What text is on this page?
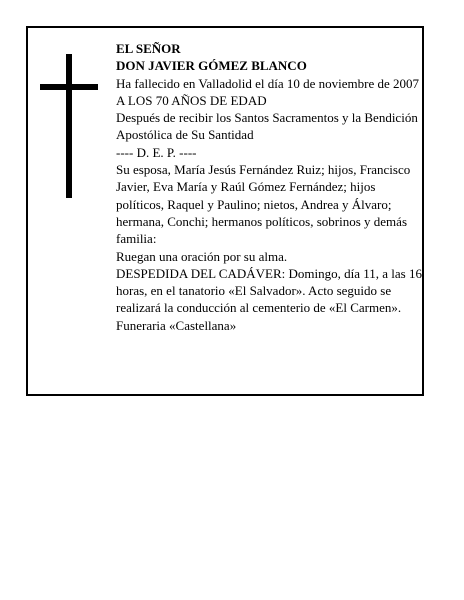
EL SEÑOR

DON JAVIER GÓMEZ BLANCO

Ha fallecido en Valladolid el día 10 de noviembre de 2007

A LOS 70 AÑOS DE EDAD

Después de recibir los Santos Sacramentos y la Bendición Apostólica de Su Santidad

---- D. E. P. ----

Su esposa, María Jesús Fernández Ruiz; hijos, Francisco Javier, Eva María y Raúl Gómez Fernández; hijos políticos, Raquel y Paulino; nietos, Andrea y Álvaro; hermana, Conchi; hermanos políticos, sobrinos y demás familia:

Ruegan una oración por su alma.

DESPEDIDA DEL CADÁVER: Domingo, día 11, a las 16 horas, en el tanatorio «El Salvador». Acto seguido se realizará la conducción al cementerio de «El Carmen».

Funeraria «Castellana»
